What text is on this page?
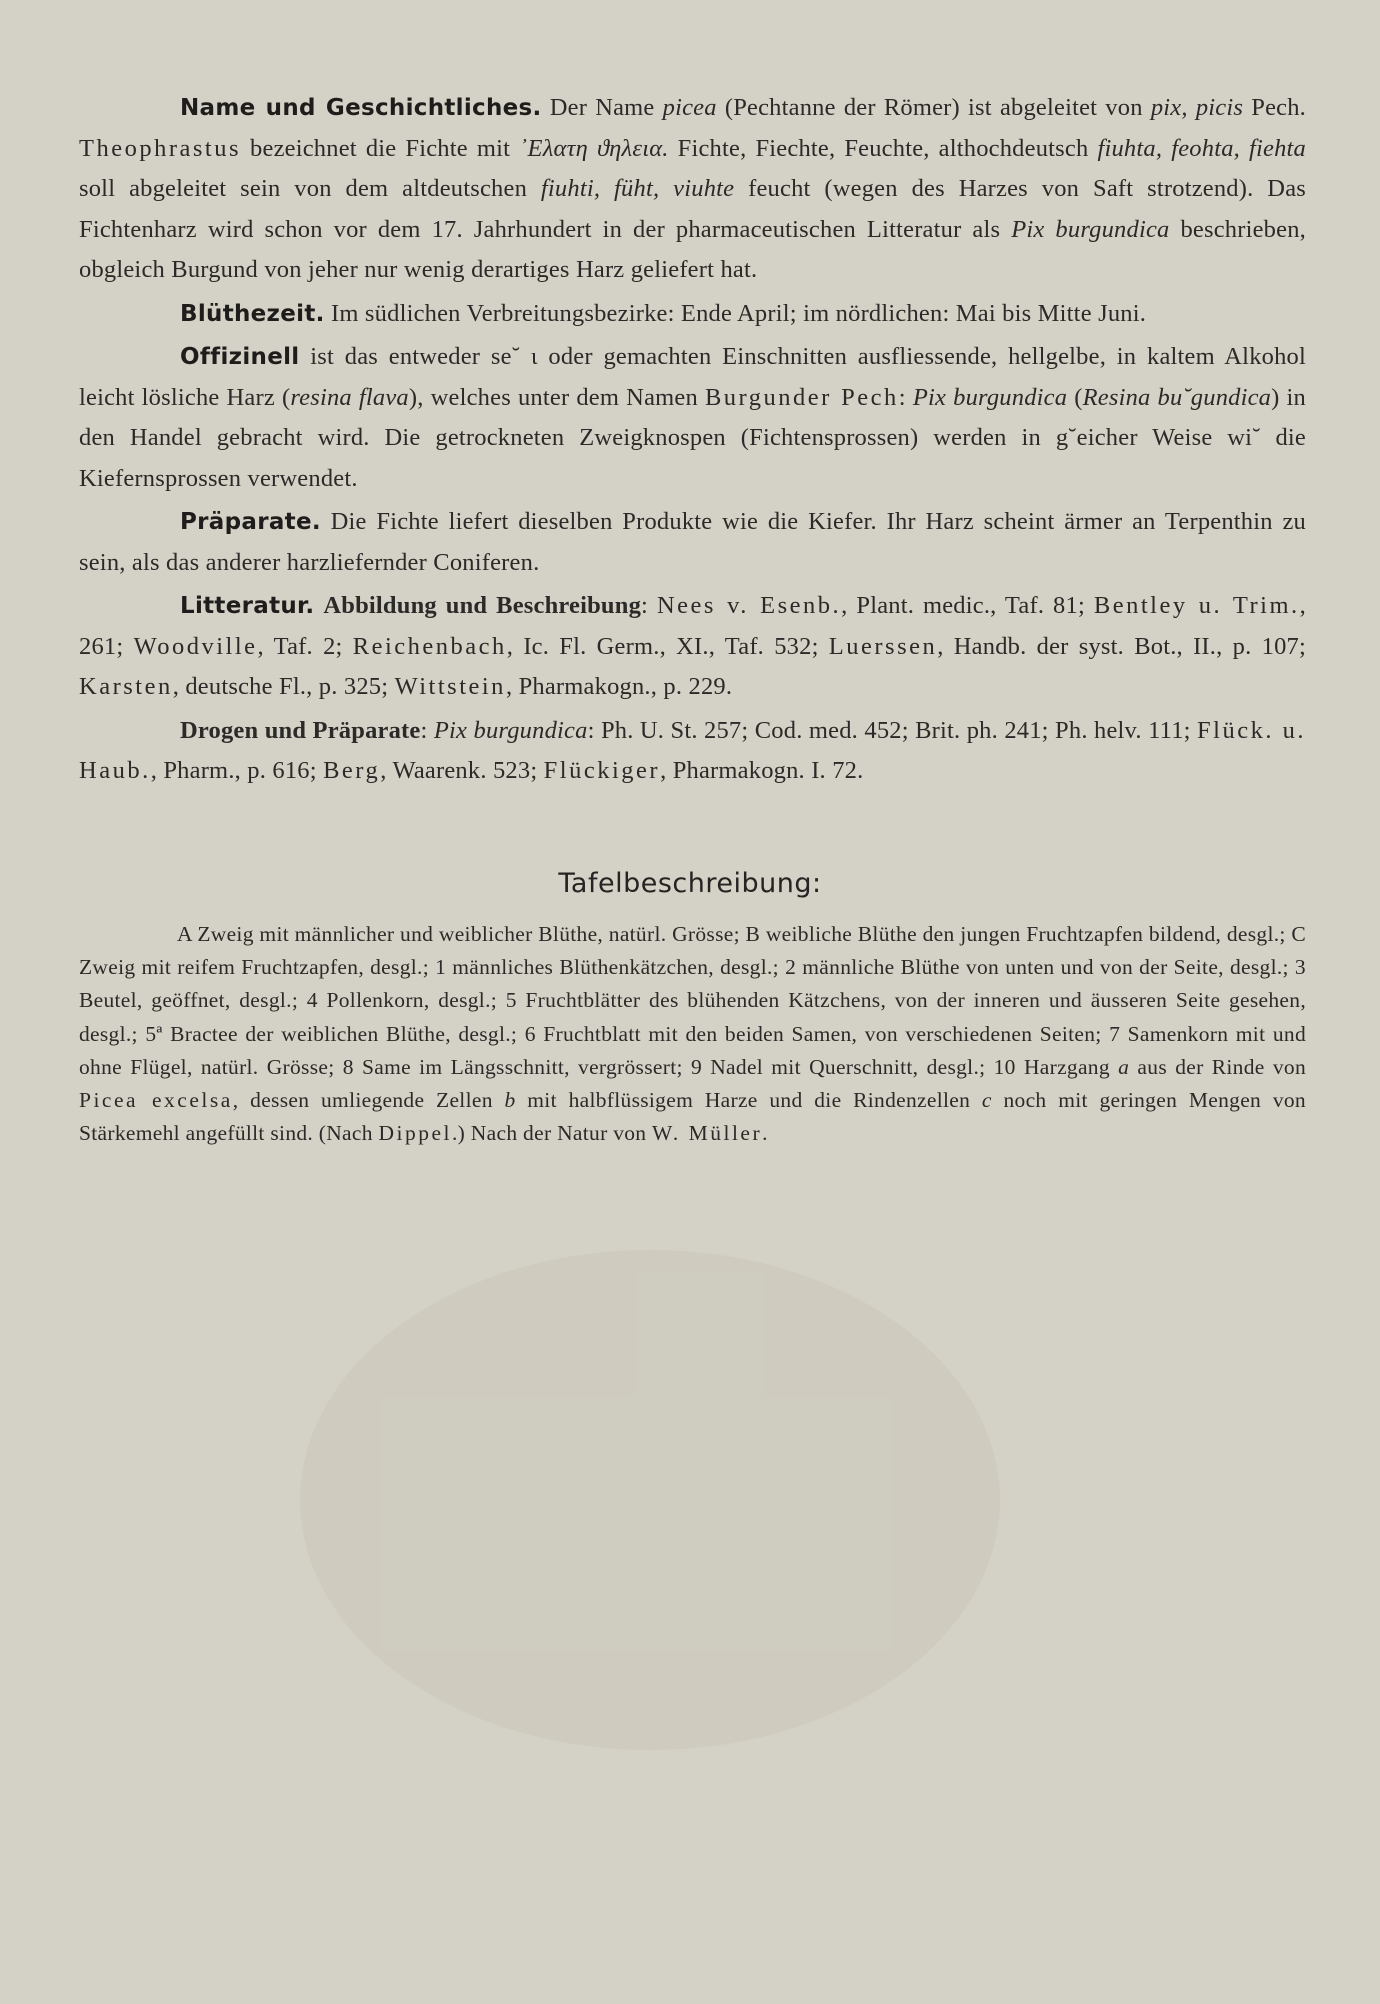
Name und Geschichtliches. Der Name picea (Pechtanne der Römer) ist abgeleitet von pix, picis Pech. Theophrastus bezeichnet die Fichte mit ᾿Ελατη ϑηλεια. Fichte, Fiechte, Feuchte, althochdeutsch fiuhta, feohta, fiehta soll abgeleitet sein von dem altdeutschen fiuhti, füht, viuhte feucht (wegen des Harzes von Saft strotzend). Das Fichtenharz wird schon vor dem 17. Jahrhundert in der pharmaceutischen Litteratur als Pix burgundica beschrieben, obgleich Burgund von jeher nur wenig derartiges Harz geliefert hat.

Blüthezeit. Im südlichen Verbreitungsbezirke: Ende April; im nördlichen: Mai bis Mitte Juni.

Offizinell ist das entweder se˘ ι oder gemachten Einschnitten ausfliessende, hellgelbe, in kaltem Alkohol leicht lösliche Harz (resina flava), welches unter dem Namen Burgunder Pech: Pix burgundica (Resina bu˘gundica) in den Handel gebracht wird. Die getrockneten Zweigknospen (Fichtensprossen) werden in g˘eicher Weise wi˘ die Kiefernsprossen verwendet.

Präparate. Die Fichte liefert dieselben Produkte wie die Kiefer. Ihr Harz scheint ärmer an Terpenthin zu sein, als das anderer harzliefernder Coniferen.

Litteratur. Abbildung und Beschreibung: Nees v. Esenb., Plant. medic., Taf. 81; Bentley u. Trim., 261; Woodville, Taf. 2; Reichenbach, Ic. Fl. Germ., XI., Taf. 532; Luerssen, Handb. der syst. Bot., II., p. 107; Karsten, deutsche Fl., p. 325; Wittstein, Pharmakogn., p. 229.

Drogen und Präparate: Pix burgundica: Ph. U. St. 257; Cod. med. 452; Brit. ph. 241; Ph. helv. 111; Flück. u. Haub., Pharm., p. 616; Berg, Waarenk. 523; Flückiger, Pharmakogn. I. 72.

Tafelbeschreibung:

A Zweig mit männlicher und weiblicher Blüthe, natürl. Grösse; B weibliche Blüthe den jungen Fruchtzapfen bildend, desgl.; C Zweig mit reifem Fruchtzapfen, desgl.; 1 männliches Blüthenkätzchen, desgl.; 2 männliche Blüthe von unten und von der Seite, desgl.; 3 Beutel, geöffnet, desgl.; 4 Pollenkorn, desgl.; 5 Fruchtblätter des blühenden Kätzchens, von der inneren und äusseren Seite gesehen, desgl.; 5ª Bractee der weiblichen Blüthe, desgl.; 6 Fruchtblatt mit den beiden Samen, von verschiedenen Seiten; 7 Samenkorn mit und ohne Flügel, natürl. Grösse; 8 Same im Längsschnitt, vergrössert; 9 Nadel mit Querschnitt, desgl.; 10 Harzgang a aus der Rinde von Picea excelsa, dessen umliegende Zellen b mit halbflüssigem Harze und die Rindenzellen c noch mit geringen Mengen von Stärkemehl angefüllt sind. (Nach Dippel.) Nach der Natur von W. Müller.
